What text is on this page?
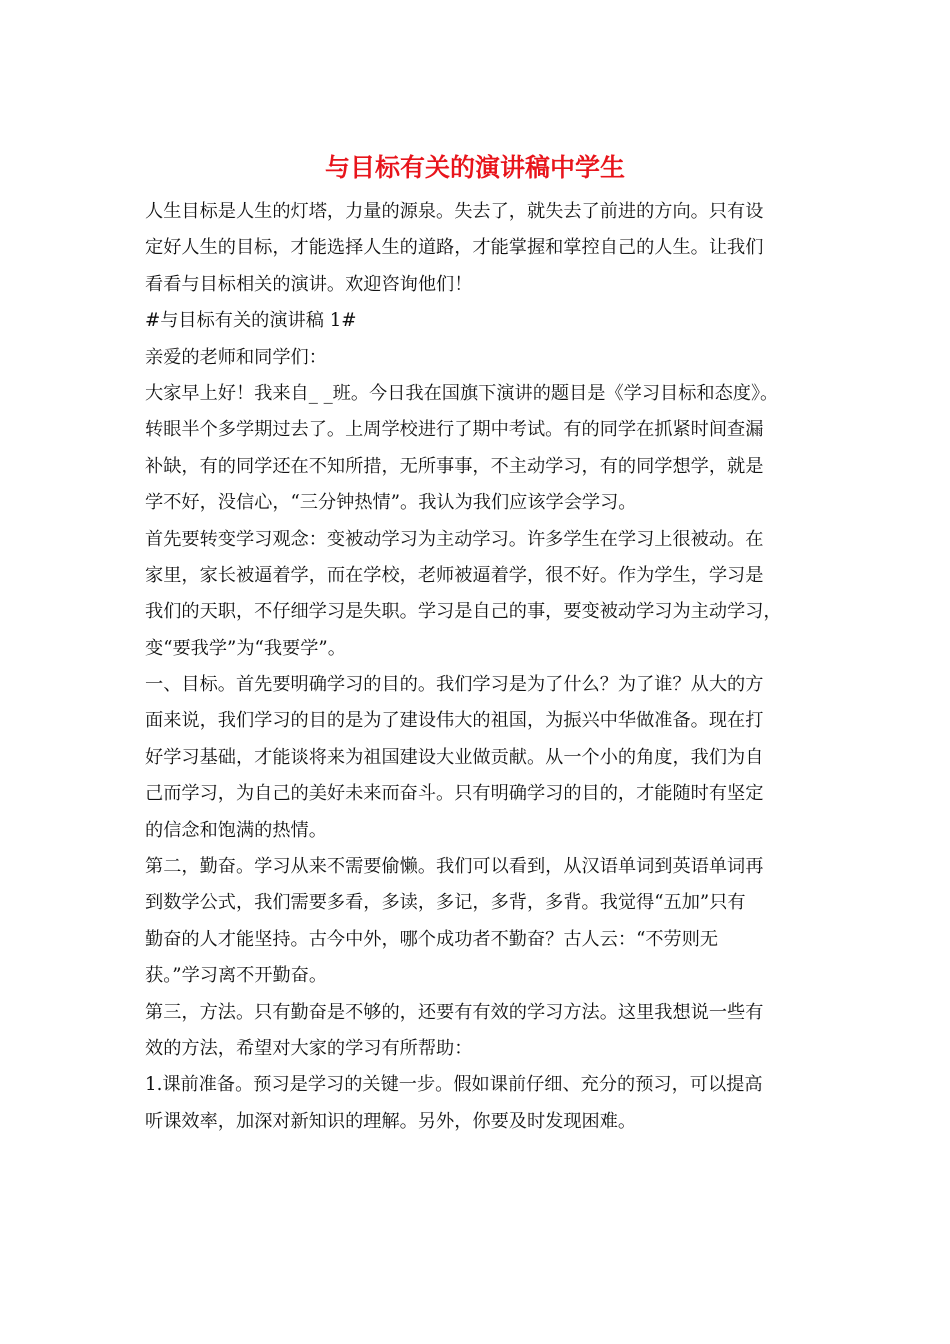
与目标有关的演讲稿中学生
人生目标是人生的灯塔，力量的源泉。失去了，就失去了前进的方向。只有设
定好人生的目标，才能选择人生的道路，才能掌握和掌控自己的人生。让我们
看看与目标相关的演讲。欢迎咨询他们！
#与目标有关的演讲稿 1#
亲爱的老师和同学们：
大家早上好！我来自_ _班。今日我在国旗下演讲的题目是《学习目标和态度》。
转眼半个多学期过去了。上周学校进行了期中考试。有的同学在抓紧时间查漏
补缺，有的同学还在不知所措，无所事事，不主动学习，有的同学想学，就是
学不好，没信心，“三分钟热情”。我认为我们应该学会学习。
首先要转变学习观念：变被动学习为主动学习。许多学生在学习上很被动。在
家里，家长被逼着学，而在学校，老师被逼着学，很不好。作为学生，学习是
我们的天职，不仔细学习是失职。学习是自己的事，要变被动学习为主动学习，
变“要我学”为“我要学”。
一、目标。首先要明确学习的目的。我们学习是为了什么？为了谁？从大的方
面来说，我们学习的目的是为了建设伟大的祖国，为振兴中华做准备。现在打
好学习基础，才能谈将来为祖国建设大业做贡献。从一个小的角度，我们为自
己而学习，为自己的美好未来而奋斗。只有明确学习的目的，才能随时有坚定
的信念和饱满的热情。
第二，勤奋。学习从来不需要偷懒。我们可以看到，从汉语单词到英语单词再
到数学公式，我们需要多看，多读，多记，多背，多背。我觉得“五加”只有
勤奋的人才能坚持。古今中外，哪个成功者不勤奋？古人云：“不劳则无
获。”学习离不开勤奋。
第三，方法。只有勤奋是不够的，还要有有效的学习方法。这里我想说一些有
效的方法，希望对大家的学习有所帮助：
1.课前准备。预习是学习的关键一步。假如课前仔细、充分的预习，可以提高
听课效率，加深对新知识的理解。另外，你要及时发现困难。
